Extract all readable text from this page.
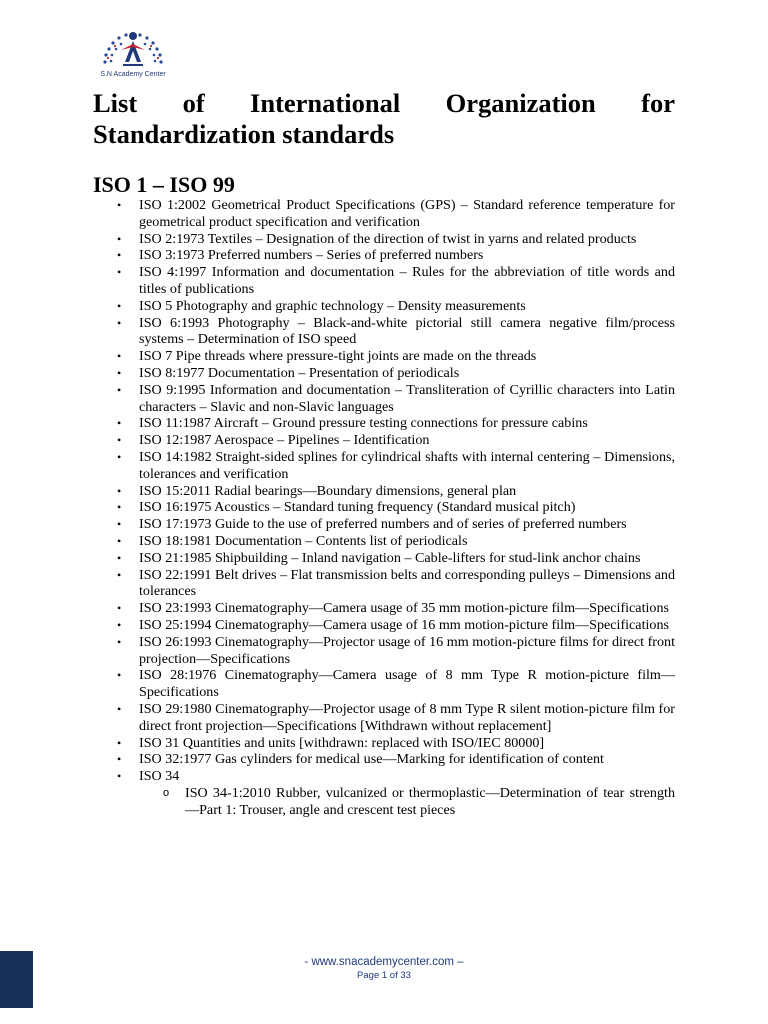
S.N Academy Center
List of International Organization for Standardization standards
ISO 1 – ISO 99
• ISO 1:2002 Geometrical Product Specifications (GPS) – Standard reference temperature for geometrical product specification and verification
• ISO 2:1973 Textiles – Designation of the direction of twist in yarns and related products
• ISO 3:1973 Preferred numbers – Series of preferred numbers
• ISO 4:1997 Information and documentation – Rules for the abbreviation of title words and titles of publications
• ISO 5 Photography and graphic technology – Density measurements
• ISO 6:1993 Photography – Black-and-white pictorial still camera negative film/process systems – Determination of ISO speed
• ISO 7 Pipe threads where pressure-tight joints are made on the threads
• ISO 8:1977 Documentation – Presentation of periodicals
• ISO 9:1995 Information and documentation – Transliteration of Cyrillic characters into Latin characters – Slavic and non-Slavic languages
• ISO 11:1987 Aircraft – Ground pressure testing connections for pressure cabins
• ISO 12:1987 Aerospace – Pipelines – Identification
• ISO 14:1982 Straight-sided splines for cylindrical shafts with internal centering – Dimensions, tolerances and verification
• ISO 15:2011 Radial bearings—Boundary dimensions, general plan
• ISO 16:1975 Acoustics – Standard tuning frequency (Standard musical pitch)
• ISO 17:1973 Guide to the use of preferred numbers and of series of preferred numbers
• ISO 18:1981 Documentation – Contents list of periodicals
• ISO 21:1985 Shipbuilding – Inland navigation – Cable-lifters for stud-link anchor chains
• ISO 22:1991 Belt drives – Flat transmission belts and corresponding pulleys – Dimensions and tolerances
• ISO 23:1993 Cinematography—Camera usage of 35 mm motion-picture film—Specifications
• ISO 25:1994 Cinematography—Camera usage of 16 mm motion-picture film—Specifications
• ISO 26:1993 Cinematography—Projector usage of 16 mm motion-picture films for direct front projection—Specifications
• ISO 28:1976 Cinematography—Camera usage of 8 mm Type R motion-picture film—Specifications
• ISO 29:1980 Cinematography—Projector usage of 8 mm Type R silent motion-picture film for direct front projection—Specifications [Withdrawn without replacement]
• ISO 31 Quantities and units [withdrawn: replaced with ISO/IEC 80000]
• ISO 32:1977 Gas cylinders for medical use—Marking for identification of content
• ISO 34
o ISO 34-1:2010 Rubber, vulcanized or thermoplastic—Determination of tear strength—Part 1: Trouser, angle and crescent test pieces
- www.snacademycenter.com –
Page 1 of 33
